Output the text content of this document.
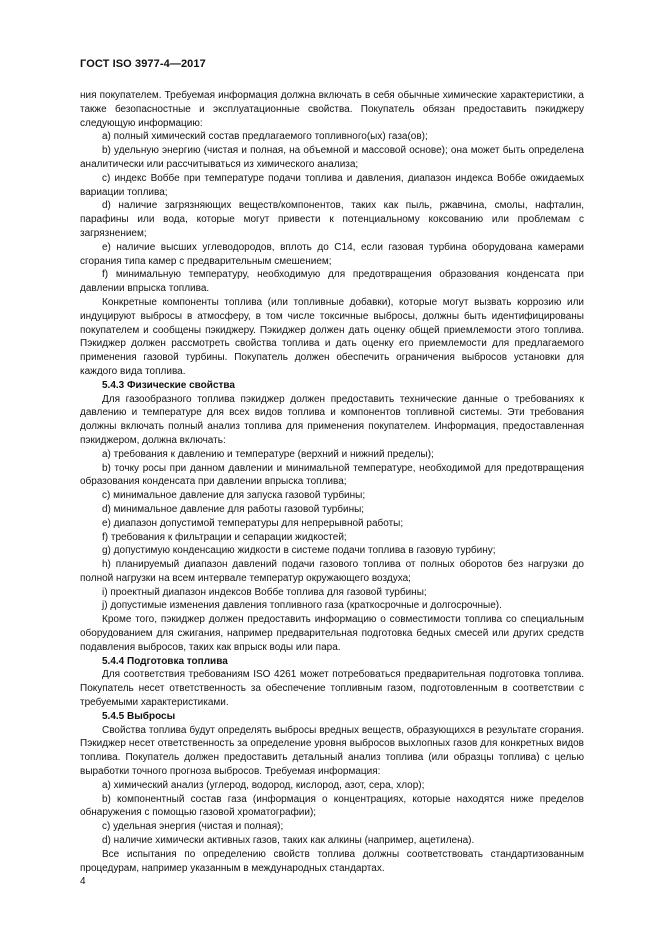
ГОСТ ISO 3977-4—2017

ния покупателем. Требуемая информация должна включать в себя обычные химические характеристики, а также безопасностные и эксплуатационные свойства. Покупатель обязан предоставить пэкиджеру следующую информацию:

a) полный химический состав предлагаемого топливного(ых) газа(ов);

b) удельную энергию (чистая и полная, на объемной и массовой основе); она может быть определена аналитически или рассчитываться из химического анализа;

c) индекс Воббе при температуре подачи топлива и давления, диапазон индекса Воббе ожидаемых вариации топлива;

d) наличие загрязняющих веществ/компонентов, таких как пыль, ржавчина, смолы, нафталин, парафины или вода, которые могут привести к потенциальному коксованию или проблемам с загрязнением;

e) наличие высших углеводородов, вплоть до C14, если газовая турбина оборудована камерами сгорания типа камер с предварительным смешением;

f) минимальную температуру, необходимую для предотвращения образования конденсата при давлении впрыска топлива.

Конкретные компоненты топлива (или топливные добавки), которые могут вызвать коррозию или индуцируют выбросы в атмосферу, в том числе токсичные выбросы, должны быть идентифицированы покупателем и сообщены пэкиджеру. Пэкиджер должен дать оценку общей приемлемости этого топлива. Пэкиджер должен рассмотреть свойства топлива и дать оценку его приемлемости для предлагаемого применения газовой турбины. Покупатель должен обеспечить ограничения выбросов установки для каждого вида топлива.

5.4.3 Физические свойства

Для газообразного топлива пэкиджер должен предоставить технические данные о требованиях к давлению и температуре для всех видов топлива и компонентов топливной системы. Эти требования должны включать полный анализ топлива для применения покупателем. Информация, предоставленная пэкиджером, должна включать:

a) требования к давлению и температуре (верхний и нижний пределы);

b) точку росы при данном давлении и минимальной температуре, необходимой для предотвращения образования конденсата при давлении впрыска топлива;

c) минимальное давление для запуска газовой турбины;

d) минимальное давление для работы газовой турбины;

e) диапазон допустимой температуры для непрерывной работы;

f) требования к фильтрации и сепарации жидкостей;

g) допустимую конденсацию жидкости в системе подачи топлива в газовую турбину;

h) планируемый диапазон давлений подачи газового топлива от полных оборотов без нагрузки до полной нагрузки на всем интервале температур окружающего воздуха;

i) проектный диапазон индексов Воббе топлива для газовой турбины;

j) допустимые изменения давления топливного газа (краткосрочные и долгосрочные).

Кроме того, пэкиджер должен предоставить информацию о совместимости топлива со специальным оборудованием для сжигания, например предварительная подготовка бедных смесей или других средств подавления выбросов, таких как впрыск воды или пара.

5.4.4 Подготовка топлива

Для соответствия требованиям ISO 4261 может потребоваться предварительная подготовка топлива. Покупатель несет ответственность за обеспечение топливным газом, подготовленным в соответствии с требуемыми характеристиками.

5.4.5 Выбросы

Свойства топлива будут определять выбросы вредных веществ, образующихся в результате сгорания. Пэкиджер несет ответственность за определение уровня выбросов выхлопных газов для конкретных видов топлива. Покупатель должен предоставить детальный анализ топлива (или образцы топлива) с целью выработки точного прогноза выбросов. Требуемая информация:

a) химический анализ (углерод, водород, кислород, азот, сера, хлор);

b) компонентный состав газа (информация о концентрациях, которые находятся ниже пределов обнаружения с помощью газовой хроматографии);

c) удельная энергия (чистая и полная);

d) наличие химически активных газов, таких как алкины (например, ацетилена).

Все испытания по определению свойств топлива должны соответствовать стандартизованным процедурам, например указанным в международных стандартах.

4
